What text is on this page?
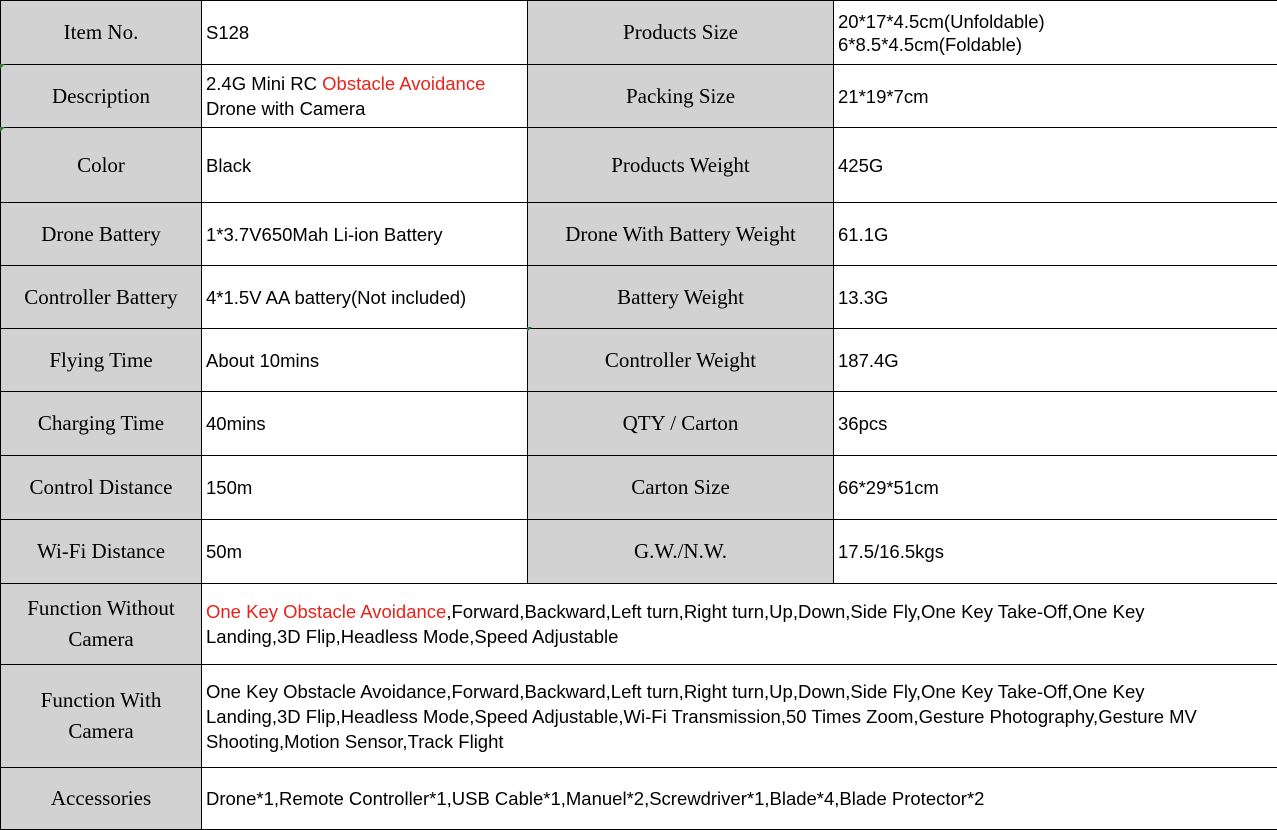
Item No.	S128	Products Size	20*17*4.5cm(Unfoldable)
6*8.5*4.5cm(Foldable)

Description	2.4G Mini RC Obstacle Avoidance
Drone with Camera	Packing Size	21*19*7cm
Color	Black	Products Weight	425G
Drone Battery	1*3.7V650Mah Li-ion Battery	Drone With Battery Weight	61.1G
Controller Battery	4*1.5V AA battery(Not included)	Battery Weight	13.3G
Flying Time	About 10mins	Controller Weight	187.4G
Charging Time	40mins	QTY / Carton	36pcs
Control Distance	150m	Carton Size	66*29*51cm
Wi-Fi Distance	50m	G.W./N.W.	17.5/16.5kgs

Function Without
Camera	One Key Obstacle Avoidance,Forward,Backward,Left turn,Right turn,Up,Down,Side Fly,One Key Take-Off,One Key
Landing,3D Flip,Headless Mode,Speed Adjustable		

Function With
Camera	One Key Obstacle Avoidance,Forward,Backward,Left turn,Right turn,Up,Down,Side Fly,One Key Take-Off,One Key
Landing,3D Flip,Headless Mode,Speed Adjustable,Wi-Fi Transmission,50 Times Zoom,Gesture Photography,Gesture MV
Shooting,Motion Sensor,Track Flight		

Accessories	Drone*1,Remote Controller*1,USB Cable*1,Manuel*2,Screwdriver*1,Blade*4,Blade Protector*2		
